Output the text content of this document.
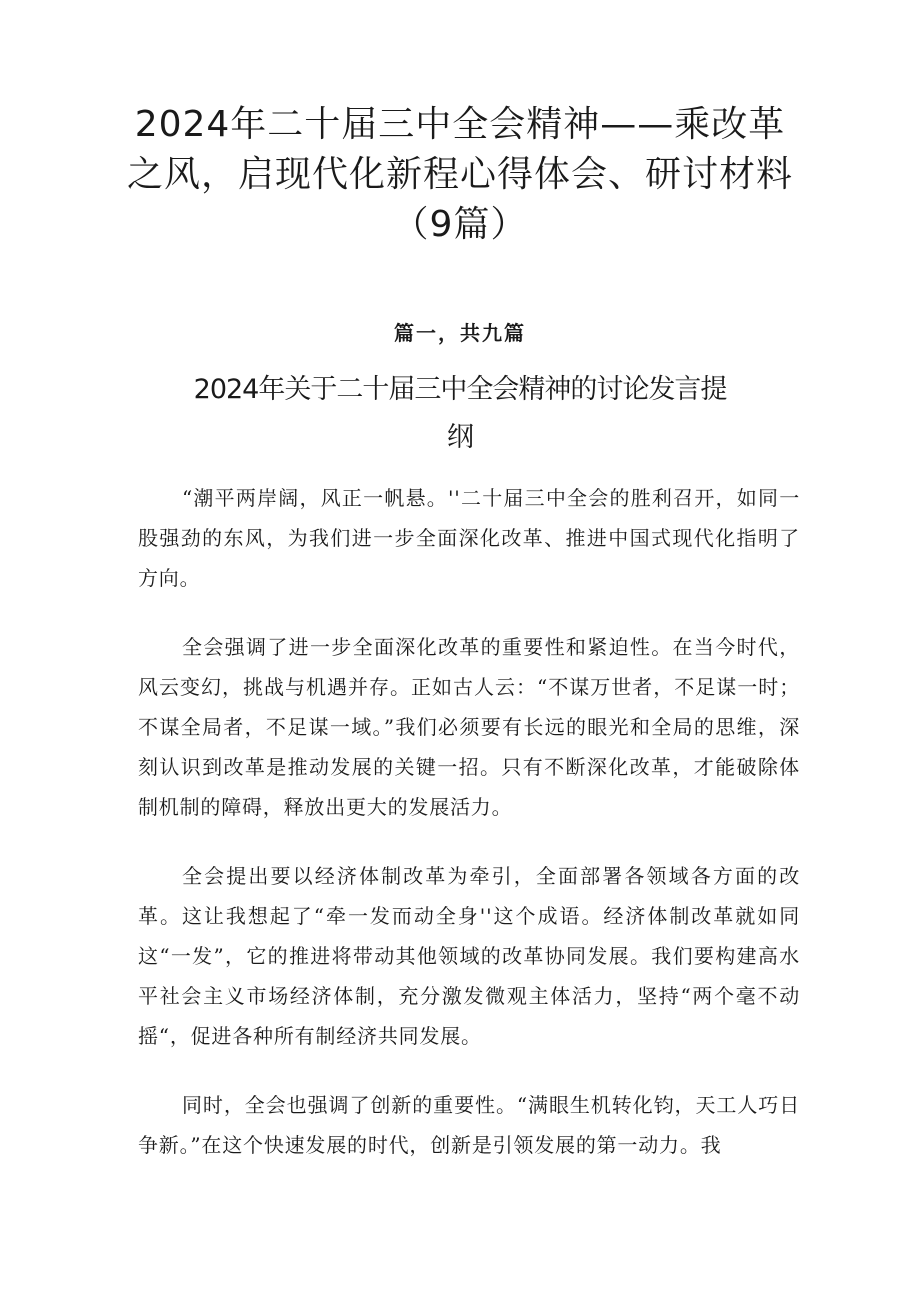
2024年二十届三中全会精神——乘改革之风，启现代化新程心得体会、研讨材料（9篇）
篇一，共九篇
2024年关于二十届三中全会精神的讨论发言提纲

“潮平两岸阔，风正一帆悬。''二十届三中全会的胜利召开，如同一股强劲的东风，为我们进一步全面深化改革、推进中国式现代化指明了方向。

全会强调了进一步全面深化改革的重要性和紧迫性。在当今时代，风云变幻，挑战与机遇并存。正如古人云：“不谋万世者，不足谋一时；不谋全局者，不足谋一域。”我们必须要有长远的眼光和全局的思维，深刻认识到改革是推动发展的关键一招。只有不断深化改革，才能破除体制机制的障碍，释放出更大的发展活力。

全会提出要以经济体制改革为牵引，全面部署各领域各方面的改革。这让我想起了“牵一发而动全身''这个成语。经济体制改革就如同这“一发”，它的推进将带动其他领域的改革协同发展。我们要构建高水平社会主义市场经济体制，充分激发微观主体活力，坚持“两个毫不动摇“，促进各种所有制经济共同发展。

同时，全会也强调了创新的重要性。“满眼生机转化钧，天工人巧日争新。”在这个快速发展的时代，创新是引领发展的第一动力。我
